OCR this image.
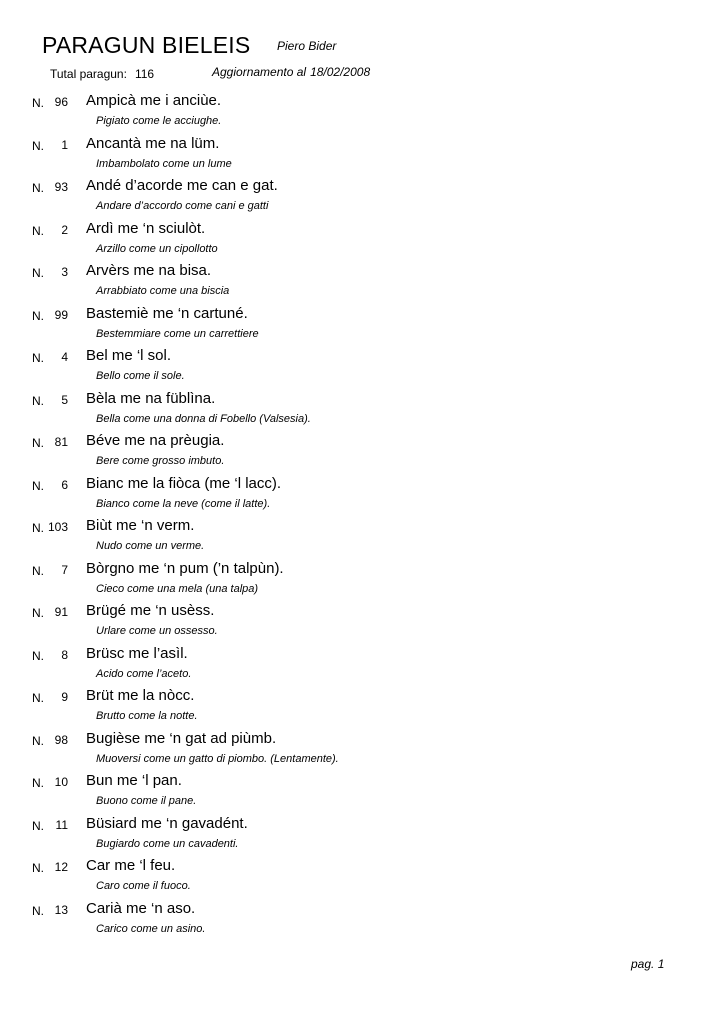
PARAGUN BIELEIS Piero Bider
Tutal paragun: 116	Aggiornamento al 18/02/2008
N. 96 Ampicà me i anciùe.
Pigiato come le acciughe.
N.	1 Ancantà me na lüm.
Imbambolato come un lume
N. 93 Andé d’acorde me can e gat.
Andare d’accordo come cani e gatti
N.	2 Ardì me ‘n sciulòt.
Arzillo come un cipollotto
N.	3 Arvèrs me na bisa.
Arrabbiato come una biscia
N. 99 Bastemiè me ‘n cartuné.
Bestemmiare come un carrettiere
N.	4 Bel me ‘l sol.
Bello come il sole.
N.	5 Bèla me na füblìna.
Bella come una donna di Fobello (Valsesia).
N. 81 Béve me na prèugia.
Bere come grosso imbuto.
N.	6 Bianc me la fiòca (me ‘l lacc).
Bianco come la neve (come il latte).
N. 103 Biùt me ‘n verm.
Nudo come un verme.
N.	7 Bòrgno me ‘n pum (’n talpùn).
Cieco come una mela (una talpa)
N. 91 Brügé me ‘n usèss.
Urlare come un ossesso.
N.	8 Brüsc me l’asìl.
Acido come l’aceto.
N.	9 Brüt me la nòcc.
Brutto come la notte.
N. 98 Bugièse me ‘n gat ad piùmb.
Muoversi come un gatto di piombo. (Lentamente).
N. 10 Bun me ‘l pan.
Buono come il pane.
N. 11 Büsiard me ‘n gavadént.
Bugiardo come un cavadenti.
N. 12 Car me ‘l feu.
Caro come il fuoco.
N. 13 Carià me ‘n aso.
Carico come un asino.
pag. 1
